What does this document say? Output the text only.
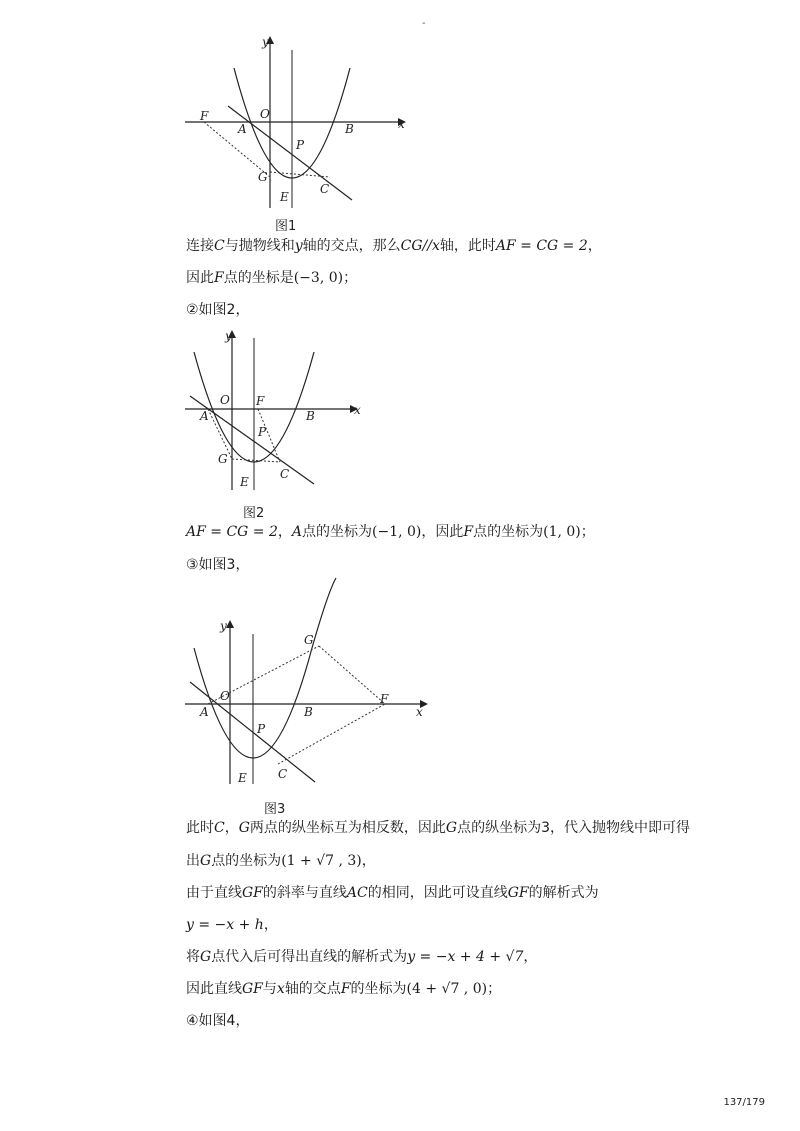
-
y
x
O
A	B
F
P
G
E
C
图1
连接C与抛物线和y轴的交点，那么CG//x轴，此时AF = CG = 2，
因此F点的坐标是(−3, 0)；
②如图2，
y
x
O
A	B
F
P
G
E
C
图2
AF = CG = 2，A点的坐标为(−1, 0)，因此F点的坐标为(1, 0)；
③如图3，
y
x
O
A	B
F
G
P
E	C
图3
此时C，G两点的纵坐标互为相反数，因此G点的纵坐标为3，代入抛物线中即可得
出G点的坐标为(1 + √7 , 3)，
由于直线GF的斜率与直线AC的相同，因此可设直线GF的解析式为
y = −x + h，
将G点代入后可得出直线的解析式为y = −x + 4 + √7，
因此直线GF与x轴的交点F的坐标为(4 + √7 , 0)；
④如图4，
137/179
